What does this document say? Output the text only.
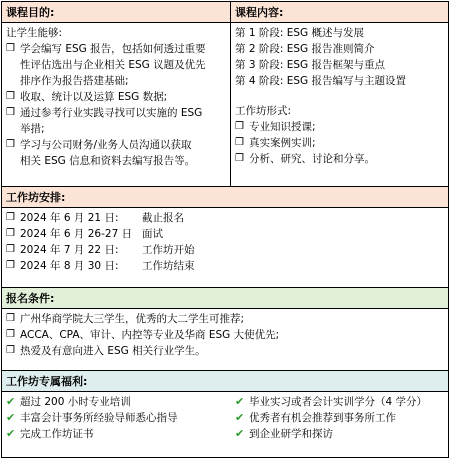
课程目的:
让学生能够:
❒ 学会编写 ESG 报告，包括如何透过重要
性评估选出与企业相关 ESG 议题及优先
排序作为报告搭建基础;
❒ 收取、统计以及运算 ESG 数据;
❒ 通过参考行业实践寻找可以实施的 ESG
举措;
❒ 学习与公司财务/业务人员沟通以获取
相关 ESG 信息和资料去编写报告等。
课程内容:
第 1 阶段: ESG 概述与发展
第 2 阶段: ESG 报告准则简介
第 3 阶段: ESG 报告框架与重点
第 4 阶段: ESG 报告编写与主题设置
工作坊形式:
❒ 专业知识授课;
❒ 真实案例实训;
❒ 分析、研究、讨论和分享。
工作坊安排:
❒ 2024 年 6 月 21 日: 截止报名
❒ 2024 年 6 月 26-27 日 面试
❒ 2024 年 7 月 22 日: 工作坊开始
❒ 2024 年 8 月 30 日: 工作坊结束
报名条件:
❒ 广州华商学院大三学生，优秀的大二学生可推荐;
❒ ACCA、CPA、审计、内控等专业及华商 ESG 大使优先;
❒ 热爱及有意向进入 ESG 相关行业学生。
工作坊专属福利:
✔ 超过 200 小时专业培训
✔ 丰富会计事务所经验导师悉心指导
✔ 完成工作坊证书
✔ 毕业实习或者会计实训学分（4 学分）
✔ 优秀者有机会推荐到事务所工作
✔ 到企业研学和探访
